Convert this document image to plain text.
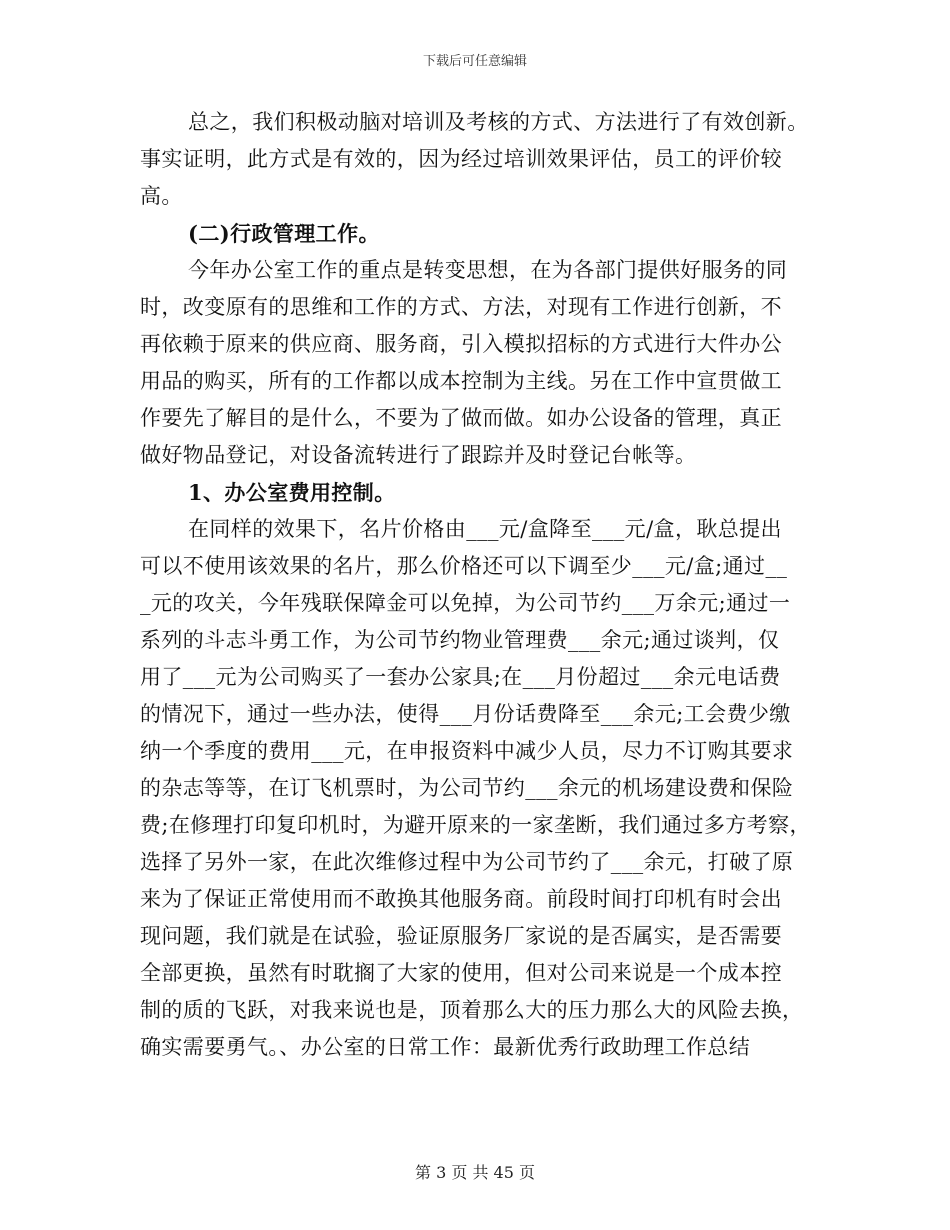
下载后可任意编辑
总之，我们积极动脑对培训及考核的方式、方法进行了有效创新。
事实证明，此方式是有效的，因为经过培训效果评估，员工的评价较
高。
(二)行政管理工作。
今年办公室工作的重点是转变思想，在为各部门提供好服务的同
时，改变原有的思维和工作的方式、方法，对现有工作进行创新，不
再依赖于原来的供应商、服务商，引入模拟招标的方式进行大件办公
用品的购买，所有的工作都以成本控制为主线。另在工作中宣贯做工
作要先了解目的是什么，不要为了做而做。如办公设备的管理，真正
做好物品登记，对设备流转进行了跟踪并及时登记台帐等。
1、办公室费用控制。
在同样的效果下，名片价格由___元/盒降至___元/盒，耿总提出
可以不使用该效果的名片，那么价格还可以下调至少___元/盒;通过__
_元的攻关，今年残联保障金可以免掉，为公司节约___万余元;通过一
系列的斗志斗勇工作，为公司节约物业管理费___余元;通过谈判，仅
用了___元为公司购买了一套办公家具;在___月份超过___余元电话费
的情况下，通过一些办法，使得___月份话费降至___余元;工会费少缴
纳一个季度的费用___元，在申报资料中减少人员，尽力不订购其要求
的杂志等等，在订飞机票时，为公司节约___余元的机场建设费和保险
费;在修理打印复印机时，为避开原来的一家垄断，我们通过多方考察，
选择了另外一家，在此次维修过程中为公司节约了___余元，打破了原
来为了保证正常使用而不敢换其他服务商。前段时间打印机有时会出
现问题，我们就是在试验，验证原服务厂家说的是否属实，是否需要
全部更换，虽然有时耽搁了大家的使用，但对公司来说是一个成本控
制的质的飞跃，对我来说也是，顶着那么大的压力那么大的风险去换，
确实需要勇气。、办公室的日常工作：最新优秀行政助理工作总结
第 3 页 共 45 页
